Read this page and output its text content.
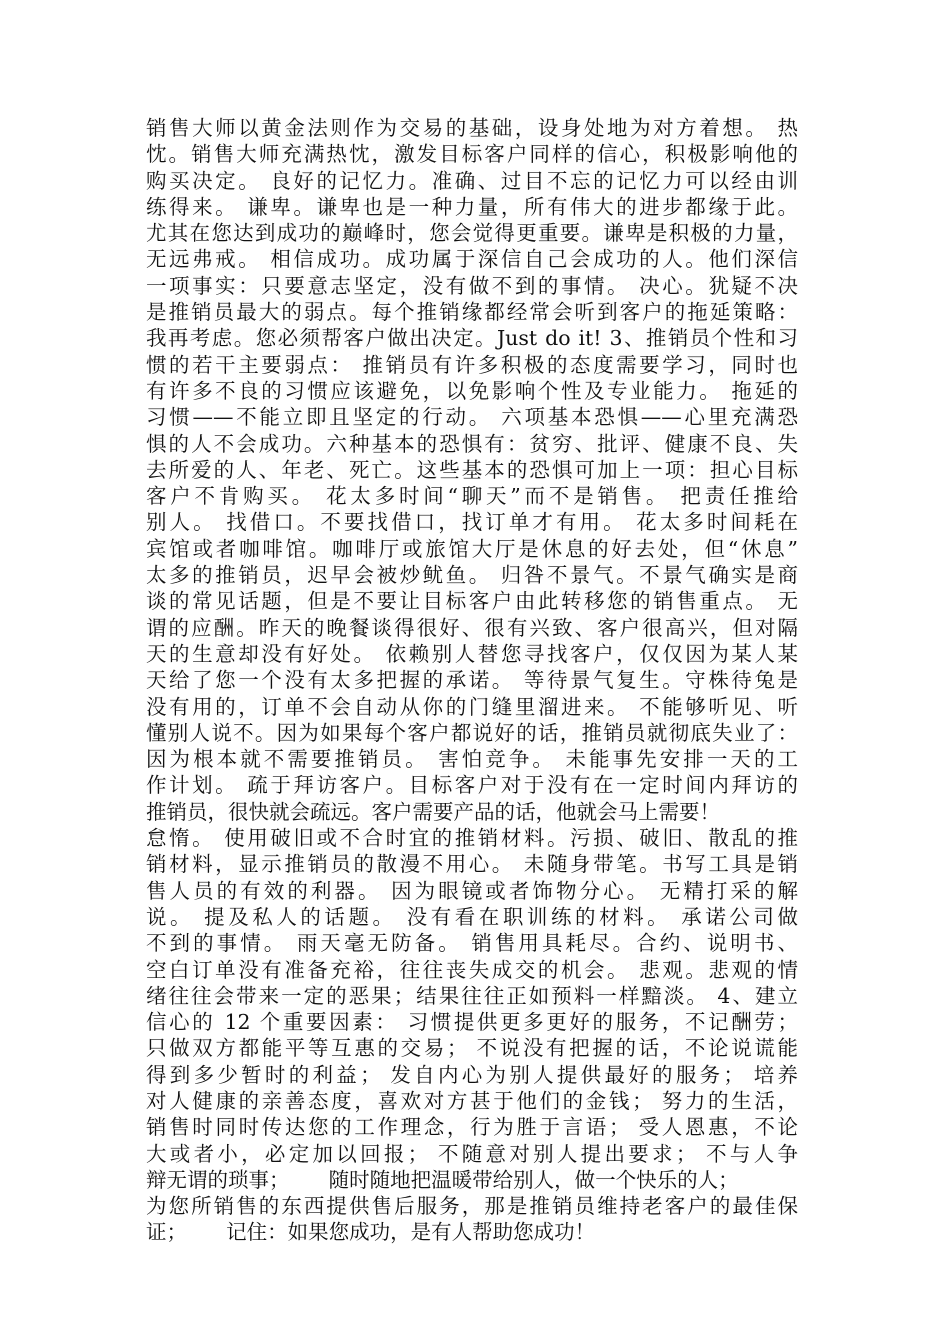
销售大师以黄金法则作为交易的基础，设身处地为对方着想。 热
忱。销售大师充满热忱，激发目标客户同样的信心，积极影响他的
购买决定。 良好的记忆力。准确、过目不忘的记忆力可以经由训
练得来。 谦卑。谦卑也是一种力量，所有伟大的进步都缘于此。
尤其在您达到成功的巅峰时，您会觉得更重要。谦卑是积极的力量，
无远弗戒。 相信成功。成功属于深信自己会成功的人。他们深信
一项事实：只要意志坚定，没有做不到的事情。 决心。犹疑不决
是推销员最大的弱点。每个推销缘都经常会听到客户的拖延策略：
我再考虑。您必须帮客户做出决定。Just do it! 3、推销员个性和习
惯的若干主要弱点： 推销员有许多积极的态度需要学习，同时也
有许多不良的习惯应该避免，以免影响个性及专业能力。 拖延的
习惯——不能立即且坚定的行动。 六项基本恐惧——心里充满恐
惧的人不会成功。六种基本的恐惧有：贫穷、批评、健康不良、失
去所爱的人、年老、死亡。这些基本的恐惧可加上一项：担心目标
客户不肯购买。 花太多时间“聊天”而不是销售。 把责任推给
别人。 找借口。不要找借口，找订单才有用。 花太多时间耗在
宾馆或者咖啡馆。咖啡厅或旅馆大厅是休息的好去处，但“休息”
太多的推销员，迟早会被炒鱿鱼。 归咎不景气。不景气确实是商
谈的常见话题，但是不要让目标客户由此转移您的销售重点。 无
谓的应酬。昨天的晚餐谈得很好、很有兴致、客户很高兴，但对隔
天的生意却没有好处。 依赖别人替您寻找客户，仅仅因为某人某
天给了您一个没有太多把握的承诺。 等待景气复生。守株待兔是
没有用的，订单不会自动从你的门缝里溜进来。 不能够听见、听
懂别人说不。因为如果每个客户都说好的话，推销员就彻底失业了：
因为根本就不需要推销员。 害怕竞争。 未能事先安排一天的工
作计划。 疏于拜访客户。目标客户对于没有在一定时间内拜访的
推销员，很快就会疏远。客户需要产品的话，他就会马上需要！
怠惰。 使用破旧或不合时宜的推销材料。污损、破旧、散乱的推
销材料，显示推销员的散漫不用心。 未随身带笔。书写工具是销
售人员的有效的利器。 因为眼镜或者饰物分心。 无精打采的解
说。 提及私人的话题。 没有看在职训练的材料。 承诺公司做
不到的事情。 雨天毫无防备。 销售用具耗尽。合约、说明书、
空白订单没有准备充裕，往往丧失成交的机会。 悲观。悲观的情
绪往往会带来一定的恶果；结果往往正如预料一样黯淡。 4、建立
信心的 12 个重要因素： 习惯提供更多更好的服务，不记酬劳；
只做双方都能平等互惠的交易； 不说没有把握的话，不论说谎能
得到多少暂时的利益； 发自内心为别人提供最好的服务； 培养
对人健康的亲善态度，喜欢对方甚于他们的金钱； 努力的生活，
销售时同时传达您的工作理念，行为胜于言语； 受人恩惠，不论
大或者小，必定加以回报； 不随意对别人提出要求； 不与人争
辩无谓的琐事；      随时随地把温暖带给别人，做一个快乐的人；
为您所销售的东西提供售后服务，那是推销员维持老客户的最佳保
证；      记住：如果您成功，是有人帮助您成功！
